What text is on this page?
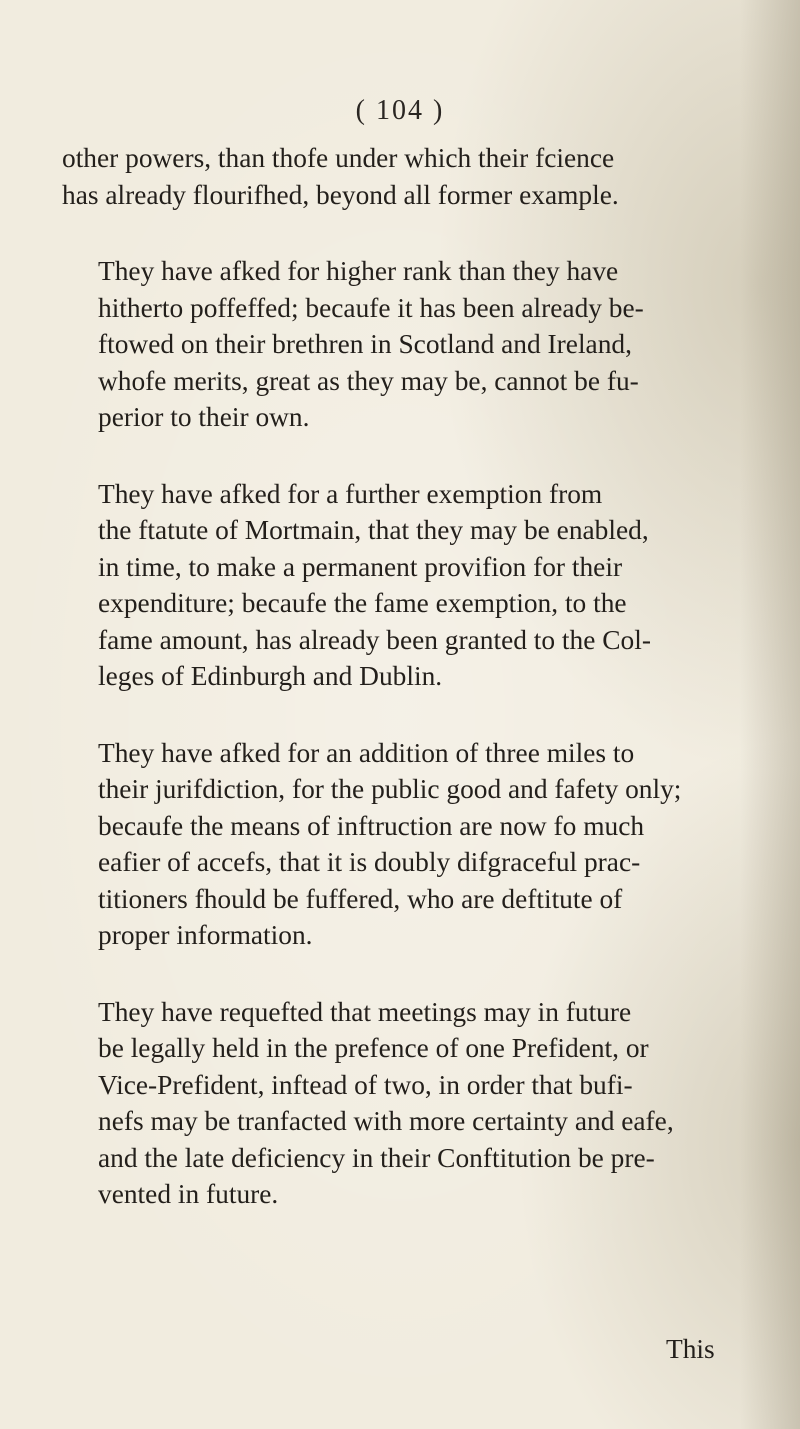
( 104 )

other powers, than thofe under which their fcience
has already flourifhed, beyond all former example.

They have afked for higher rank than they have
hitherto poffeffed; becaufe it has been already be-
ftowed on their brethren in Scotland and Ireland,
whofe merits, great as they may be, cannot be fu-
perior to their own.

They have afked for a further exemption from
the ftatute of Mortmain, that they may be enabled,
in time, to make a permanent provifion for their
expenditure; becaufe the fame exemption, to the
fame amount, has already been granted to the Col-
leges of Edinburgh and Dublin.

They have afked for an addition of three miles to
their jurifdiction, for the public good and fafety only;
becaufe the means of inftruction are now fo much
eafier of accefs, that it is doubly difgraceful prac-
titioners fhould be fuffered, who are deftitute of
proper information.

They have requefted that meetings may in future
be legally held in the prefence of one Prefident, or
Vice-Prefident, inftead of two, in order that bufi-
nefs may be tranfacted with more certainty and eafe,
and the late deficiency in their Conftitution be pre-
vented in future.

This
